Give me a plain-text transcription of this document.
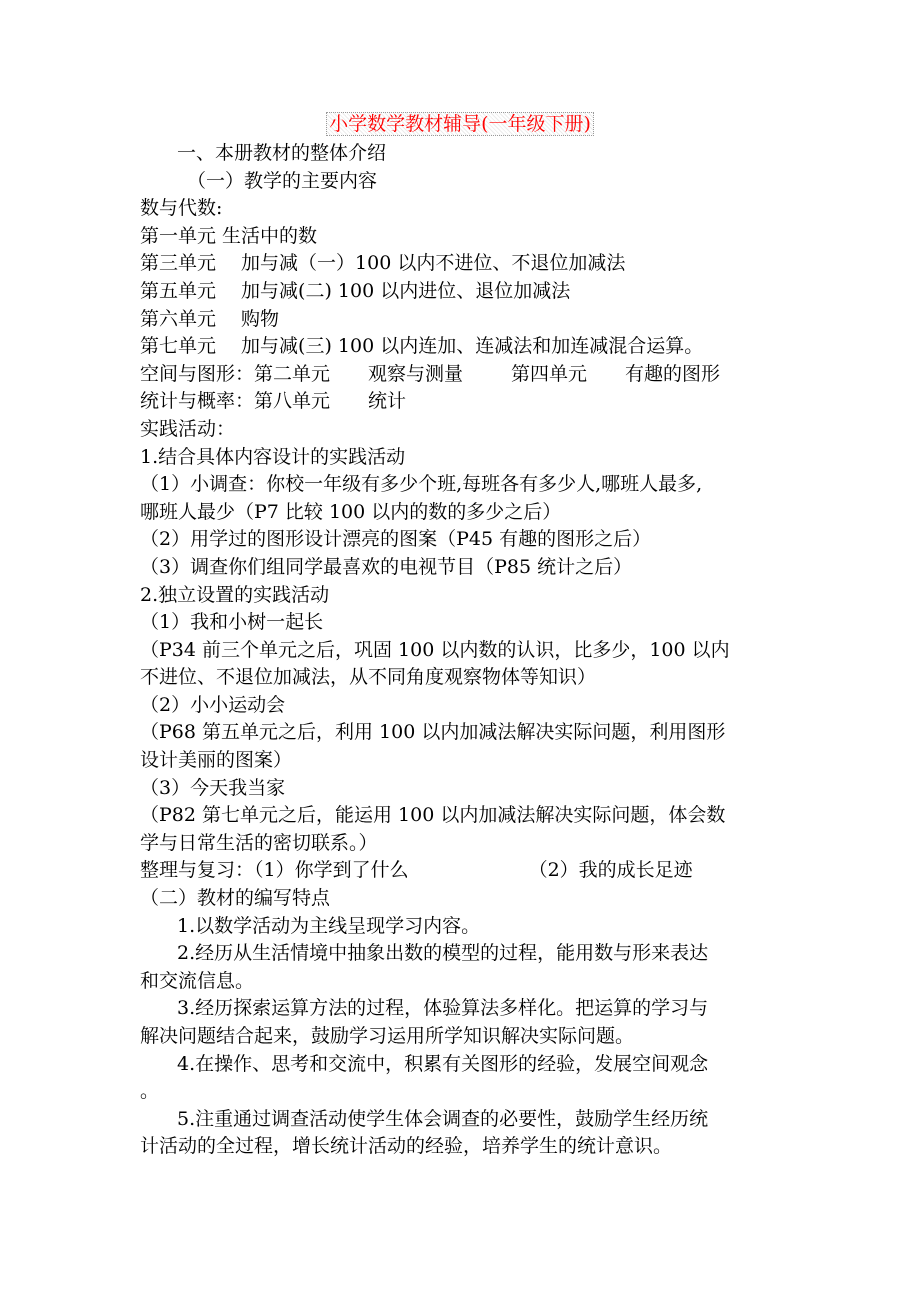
小学数学教材辅导(一年级下册)
一、本册教材的整体介绍
（一）教学的主要内容
数与代数:
第一单元 生活中的数
第三单元　 加与减（一）100 以内不进位、不退位加减法
第五单元　 加与减(二) 100 以内进位、退位加减法
第六单元　 购物
第七单元　 加与减(三) 100 以内连加、连减法和加连减混合运算。
空间与图形：第二单元　　观察与测量	第四单元　　有趣的图形
统计与概率：第八单元　　统计
实践活动：
1.结合具体内容设计的实践活动
（1）小调查：你校一年级有多少个班,每班各有多少人,哪班人最多,
哪班人最少（P7 比较 100 以内的数的多少之后）
（2）用学过的图形设计漂亮的图案（P45 有趣的图形之后）
（3）调查你们组同学最喜欢的电视节目（P85 统计之后）
2.独立设置的实践活动
（1）我和小树一起长
（P34 前三个单元之后，巩固 100 以内数的认识，比多少，100 以内
不进位、不退位加减法，从不同角度观察物体等知识）
（2）小小运动会
（P68 第五单元之后，利用 100 以内加减法解决实际问题，利用图形
设计美丽的图案）
（3）今天我当家
（P82 第七单元之后，能运用 100 以内加减法解决实际问题，体会数
学与日常生活的密切联系。）
整理与复习：（1）你学到了什么	（2）我的成长足迹
（二）教材的编写特点
1.以数学活动为主线呈现学习内容。
2.经历从生活情境中抽象出数的模型的过程，能用数与形来表达
和交流信息。
3.经历探索运算方法的过程，体验算法多样化。把运算的学习与
解决问题结合起来，鼓励学习运用所学知识解决实际问题。
4.在操作、思考和交流中，积累有关图形的经验，发展空间观念
。
5.注重通过调查活动使学生体会调查的必要性，鼓励学生经历统
计活动的全过程，增长统计活动的经验，培养学生的统计意识。
